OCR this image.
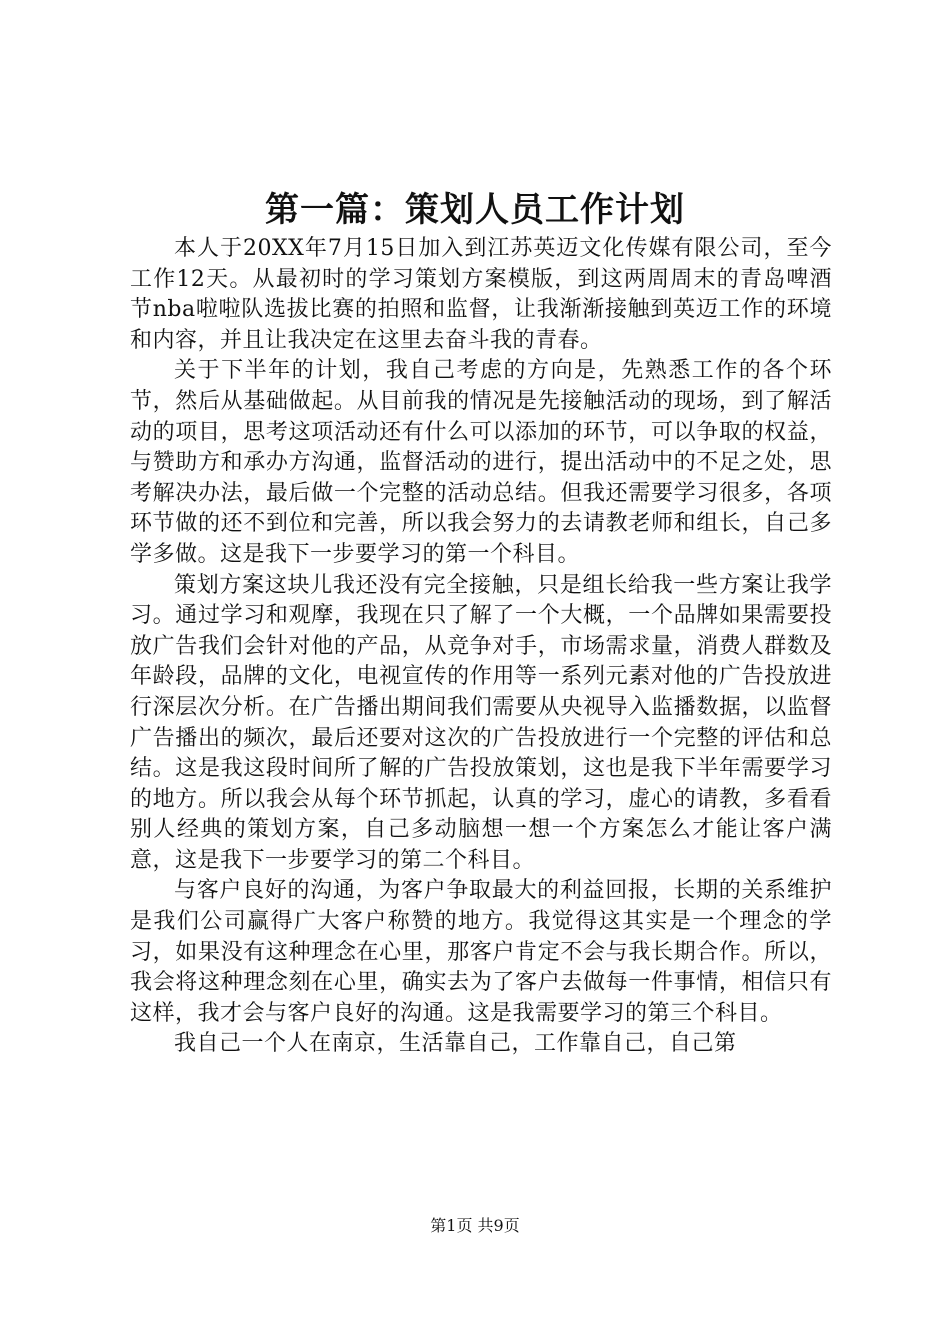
第一篇：策划人员工作计划

本人于20XX年7月15日加入到江苏英迈文化传媒有限公司，至今工作12天。从最初时的学习策划方案模版，到这两周周末的青岛啤酒节nba啦啦队选拔比赛的拍照和监督，让我渐渐接触到英迈工作的环境和内容，并且让我决定在这里去奋斗我的青春。

关于下半年的计划，我自己考虑的方向是，先熟悉工作的各个环节，然后从基础做起。从目前我的情况是先接触活动的现场，到了解活动的项目，思考这项活动还有什么可以添加的环节，可以争取的权益，与赞助方和承办方沟通，监督活动的进行，提出活动中的不足之处，思考解决办法，最后做一个完整的活动总结。但我还需要学习很多，各项环节做的还不到位和完善，所以我会努力的去请教老师和组长，自己多学多做。这是我下一步要学习的第一个科目。

策划方案这块儿我还没有完全接触，只是组长给我一些方案让我学习。通过学习和观摩，我现在只了解了一个大概，一个品牌如果需要投放广告我们会针对他的产品，从竞争对手，市场需求量，消费人群数及年龄段，品牌的文化，电视宣传的作用等一系列元素对他的广告投放进行深层次分析。在广告播出期间我们需要从央视导入监播数据，以监督广告播出的频次，最后还要对这次的广告投放进行一个完整的评估和总结。这是我这段时间所了解的广告投放策划，这也是我下半年需要学习的地方。所以我会从每个环节抓起，认真的学习，虚心的请教，多看看别人经典的策划方案，自己多动脑想一想一个方案怎么才能让客户满意，这是我下一步要学习的第二个科目。

与客户良好的沟通，为客户争取最大的利益回报，长期的关系维护是我们公司赢得广大客户称赞的地方。我觉得这其实是一个理念的学习，如果没有这种理念在心里，那客户肯定不会与我长期合作。所以，我会将这种理念刻在心里，确实去为了客户去做每一件事情，相信只有这样，我才会与客户良好的沟通。这是我需要学习的第三个科目。

我自己一个人在南京，生活靠自己，工作靠自己，自己第

第1页 共9页
